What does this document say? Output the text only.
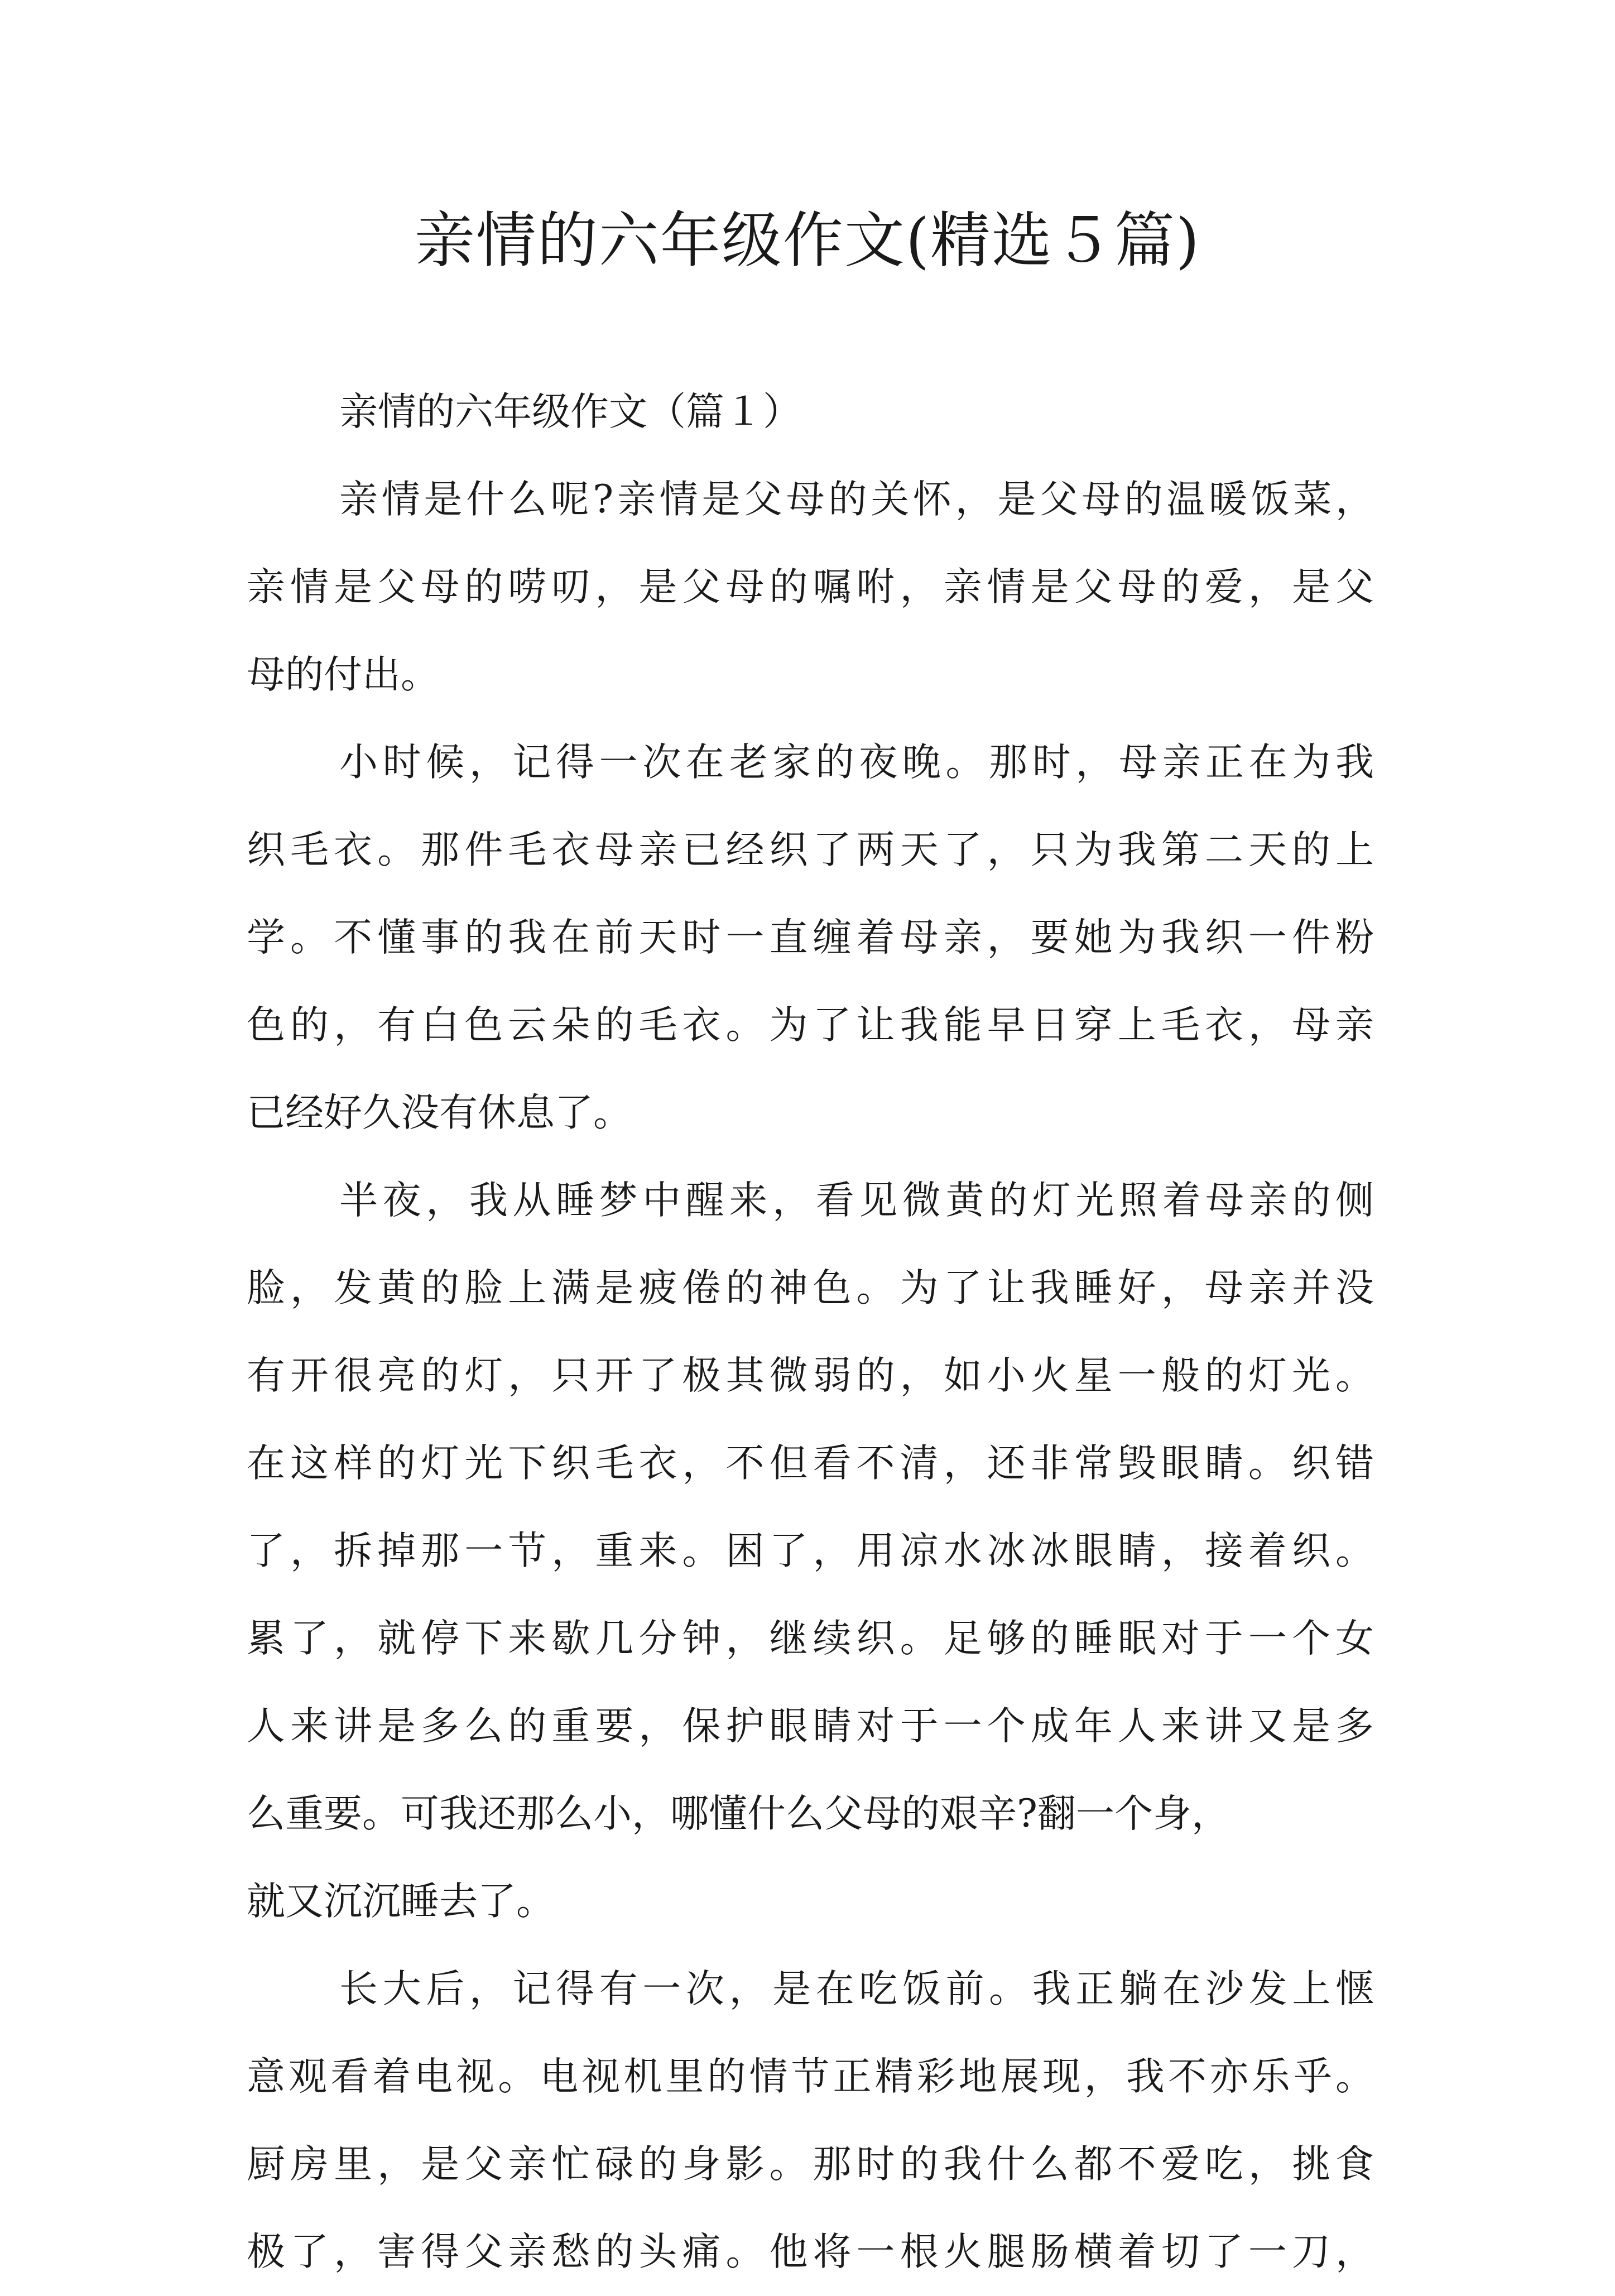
亲情的六年级作文(精选５篇)
亲情的六年级作文（篇１）

亲情是什么呢?亲情是父母的关怀，是父母的温暖饭菜，
亲情是父母的唠叨，是父母的嘱咐，亲情是父母的爱，是父
母的付出。

小时候，记得一次在老家的夜晚。那时，母亲正在为我
织毛衣。那件毛衣母亲已经织了两天了，只为我第二天的上
学。不懂事的我在前天时一直缠着母亲，要她为我织一件粉
色的，有白色云朵的毛衣。为了让我能早日穿上毛衣，母亲
已经好久没有休息了。

半夜，我从睡梦中醒来，看见微黄的灯光照着母亲的侧
脸，发黄的脸上满是疲倦的神色。为了让我睡好，母亲并没
有开很亮的灯，只开了极其微弱的，如小火星一般的灯光。
在这样的灯光下织毛衣，不但看不清，还非常毁眼睛。织错
了，拆掉那一节，重来。困了，用凉水冰冰眼睛，接着织。
累了，就停下来歇几分钟，继续织。足够的睡眠对于一个女
人来讲是多么的重要，保护眼睛对于一个成年人来讲又是多
么重要。可我还那么小，哪懂什么父母的艰辛?翻一个身，
就又沉沉睡去了。

长大后，记得有一次，是在吃饭前。我正躺在沙发上惬
意观看着电视。电视机里的情节正精彩地展现，我不亦乐乎。
厨房里，是父亲忙碌的身影。那时的我什么都不爱吃，挑食
极了，害得父亲愁的头痛。他将一根火腿肠横着切了一刀，
